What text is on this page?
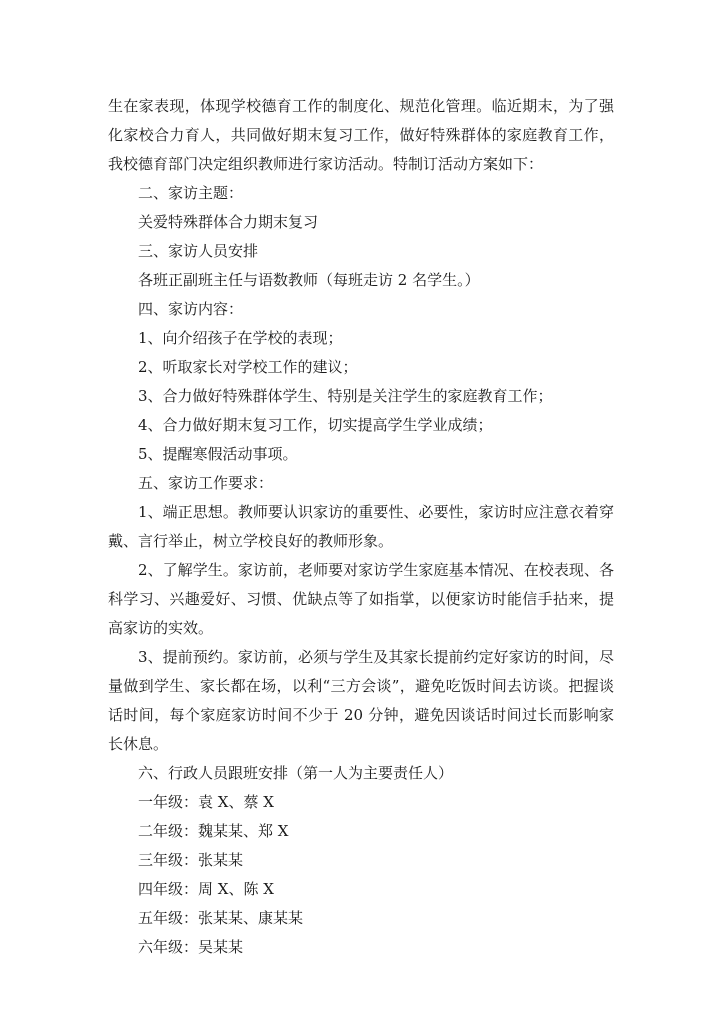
生在家表现，体现学校德育工作的制度化、规范化管理。临近期末，为了强化家校合力育人，共同做好期末复习工作，做好特殊群体的家庭教育工作，我校德育部门决定组织教师进行家访活动。特制订活动方案如下：

二、家访主题：

关爱特殊群体合力期末复习

三、家访人员安排

各班正副班主任与语数教师（每班走访 2 名学生。）

四、家访内容：

1、向介绍孩子在学校的表现；

2、听取家长对学校工作的建议；

3、合力做好特殊群体学生、特别是关注学生的家庭教育工作；

4、合力做好期末复习工作，切实提高学生学业成绩；

5、提醒寒假活动事项。

五、家访工作要求：

1、端正思想。教师要认识家访的重要性、必要性，家访时应注意衣着穿戴、言行举止，树立学校良好的教师形象。

2、了解学生。家访前，老师要对家访学生家庭基本情况、在校表现、各科学习、兴趣爱好、习惯、优缺点等了如指掌，以便家访时能信手拈来，提高家访的实效。

3、提前预约。家访前，必须与学生及其家长提前约定好家访的时间，尽量做到学生、家长都在场，以利“三方会谈”，避免吃饭时间去访谈。把握谈话时间，每个家庭家访时间不少于 20 分钟，避免因谈话时间过长而影响家长休息。

六、行政人员跟班安排（第一人为主要责任人）

一年级：袁 X、蔡 X

二年级：魏某某、郑 X

三年级：张某某

四年级：周 X、陈 X

五年级：张某某、康某某

六年级：吴某某
